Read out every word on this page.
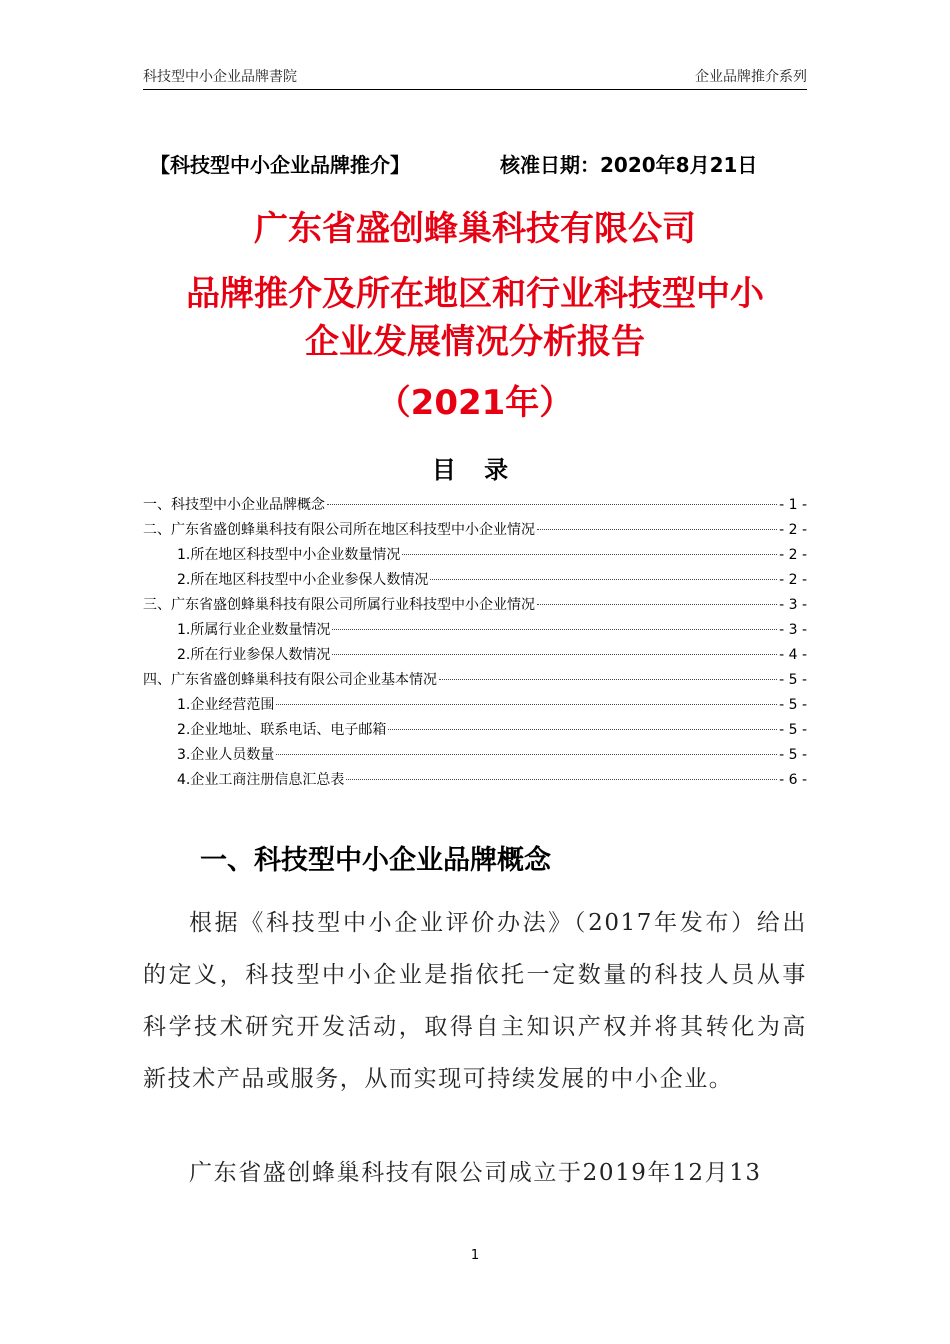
科技型中小企业品牌書院	企业品牌推介系列
【科技型中小企业品牌推介】	核准日期：2020年8月21日
广东省盛创蜂巢科技有限公司
品牌推介及所在地区和行业科技型中小
企业发展情况分析报告
（2021年）
目 录
一、科技型中小企业品牌概念	- 1 -
二、广东省盛创蜂巢科技有限公司所在地区科技型中小企业情况	- 2 -
1.所在地区科技型中小企业数量情况	- 2 -
2.所在地区科技型中小企业参保人数情况	- 2 -
三、广东省盛创蜂巢科技有限公司所属行业科技型中小企业情况	- 3 -
1.所属行业企业数量情况	- 3 -
2.所在行业参保人数情况	- 4 -
四、广东省盛创蜂巢科技有限公司企业基本情况	- 5 -
1.企业经营范围	- 5 -
2.企业地址、联系电话、电子邮箱	- 5 -
3.企业人员数量	- 5 -
4.企业工商注册信息汇总表	- 6 -
一、科技型中小企业品牌概念

根据《科技型中小企业评价办法》（2017年发布）给出的定义，科技型中小企业是指依托一定数量的科技人员从事科学技术研究开发活动，取得自主知识产权并将其转化为高新技术产品或服务，从而实现可持续发展的中小企业。

广东省盛创蜂巢科技有限公司成立于2019年12月13

1
